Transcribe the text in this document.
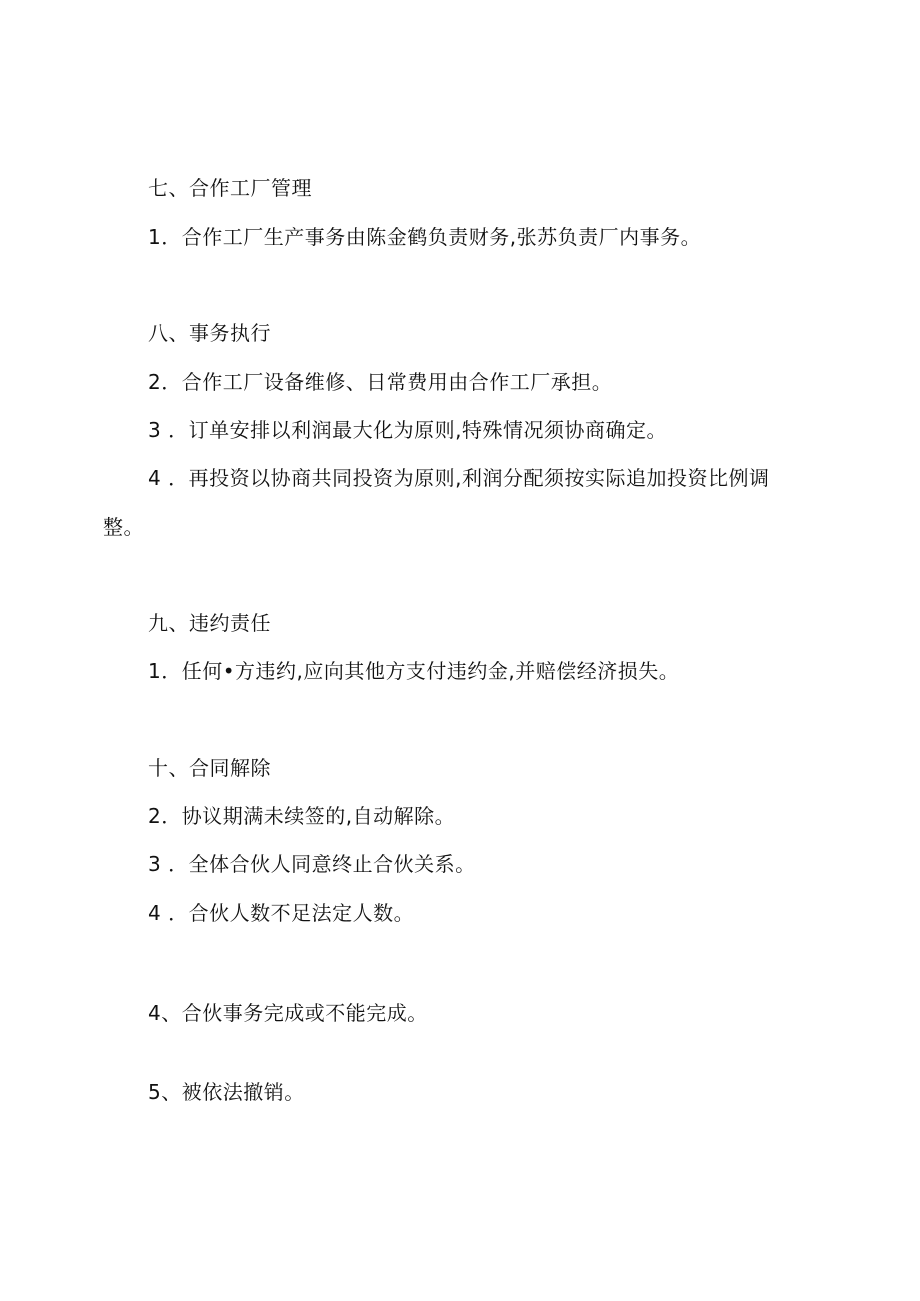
七、合作工厂管理
1．合作工厂生产事务由陈金鹤负责财务,张苏负责厂内事务。
八、事务执行
2．合作工厂设备维修、日常费用由合作工厂承担。
3 ．订单安排以利润最大化为原则,特殊情况须协商确定。
4 ．再投资以协商共同投资为原则,利润分配须按实际追加投资比例调
整。
九、违约责任
1．任何•方违约,应向其他方支付违约金,并赔偿经济损失。
十、合同解除
2．协议期满未续签的,自动解除。
3 ．全体合伙人同意终止合伙关系。
4 ．合伙人数不足法定人数。
4、合伙事务完成或不能完成。
5、被依法撤销。
